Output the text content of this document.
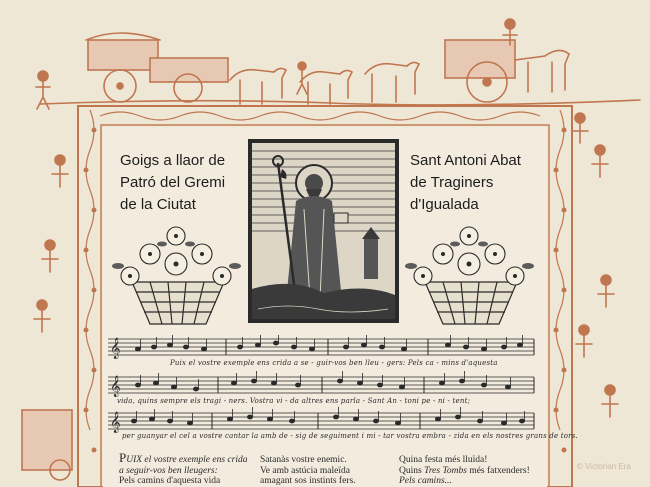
Goigs a llaor de
Patró del Gremi
de la Ciutat
Sant Antoni Abat
de Traginers
d'Igualada
𝄞
𝄞
𝄞
Puix el vostre exemple ens crida a se - guir-vos ben lleu - gers: Pels ca - mins d'aquesta
vida, quins sempre els tragi - ners. Vostra vi - da altres ens parla - Sant An - toni pe - ni - tent;
per guanyar el cel a vostre cantar la amb de - sig de seguiment i mi - tar vostra embra - zida en els nostres grans de tors.
PUIX el vostre exemple ens crida
a seguir-vos ben lleugers:
Pels camins d'aquesta vida
Satanàs vostre enemic.
Ve amb astúcia maleïda
amagant sos instints fers.
Quina festa més lluïda!
Quins Tres Tombs més fatxenders!
Pels camins...
© Victorian Era
